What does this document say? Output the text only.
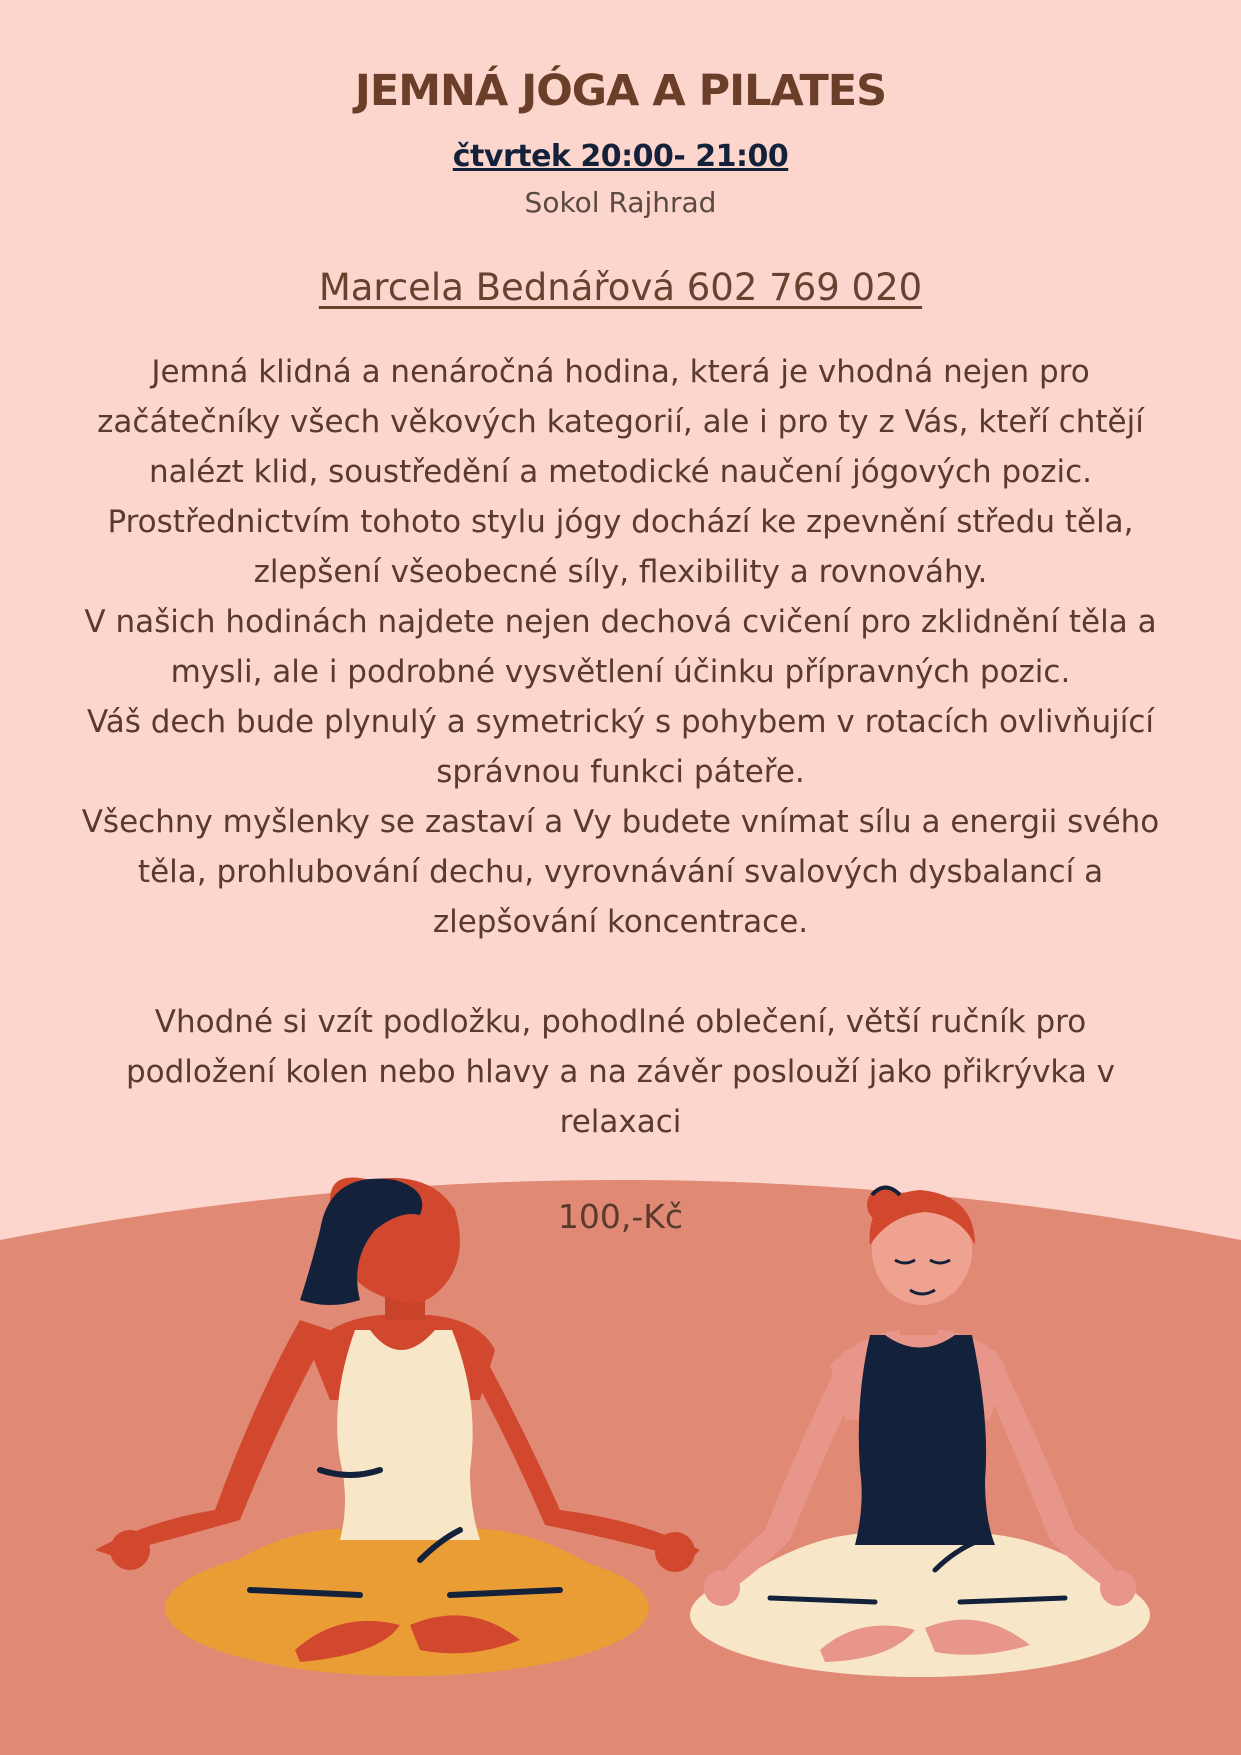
JEMNÁ JÓGA A PILATES
čtvrtek 20:00- 21:00
Sokol Rajhrad
Marcela Bednářová 602 769 020

Jemná klidná a nenáročná hodina, která je vhodná nejen pro

začátečníky všech věkových kategorií, ale i pro ty z Vás, kteří chtějí

nalézt klid, soustředění a metodické naučení jógových pozic.

Prostřednictvím tohoto stylu jógy dochází ke zpevnění středu těla,

zlepšení všeobecné síly, flexibility a rovnováhy.

V našich hodinách najdete nejen dechová cvičení pro zklidnění těla a

mysli, ale i podrobné vysvětlení účinku přípravných pozic.

Váš dech bude plynulý a symetrický s pohybem v rotacích ovlivňující

správnou funkci páteře.

Všechny myšlenky se zastaví a Vy budete vnímat sílu a energii svého

těla, prohlubování dechu, vyrovnávání svalových dysbalancí a

zlepšování koncentrace.

Vhodné si vzít podložku, pohodlné oblečení, větší ručník pro

podložení kolen nebo hlavy a na závěr poslouží jako přikrývka v

relaxaci

100,-Kč
